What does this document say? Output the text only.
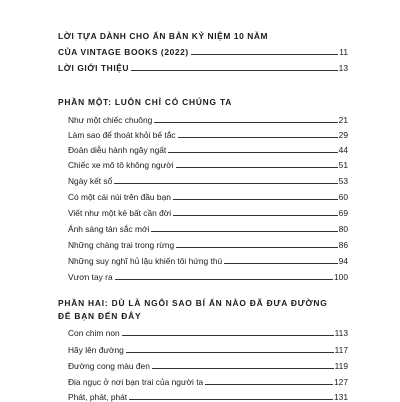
LỜI TỰA DÀNH CHO ẤN BẢN KỶ NIỆM 10 NĂM
CỦA VINTAGE BOOKS (2022)	11
LỜI GIỚI THIỆU	13
PHẦN MỘT: LUÔN CHỈ CÓ CHÚNG TA
Như một chiếc chuông	21
Làm sao để thoát khỏi bế tắc	29
Đoản diễu hành ngây ngất	44
Chiếc xe mô tô không người	51
Ngày kết sổ	53
Có một cái núi trên đầu bạn	60
Viết như một kẻ bất cần đời	69
Ánh sáng tán sắc mới	80
Những chàng trai trong rừng	86
Những suy nghĩ hủ lậu khiến tôi hứng thú	94
Vươn tay ra	100
PHẦN HAI: DÙ LÀ NGÔI SAO BÍ ẨN NÀO ĐÃ ĐƯA ĐƯỜNG
ĐỂ BẠN ĐẾN ĐÂY
Con chim non	113
Hãy lên đường	117
Đường cong màu đen	119
Địa ngục ở nơi bạn trai của người ta	127
Phát, phát, phát	131
